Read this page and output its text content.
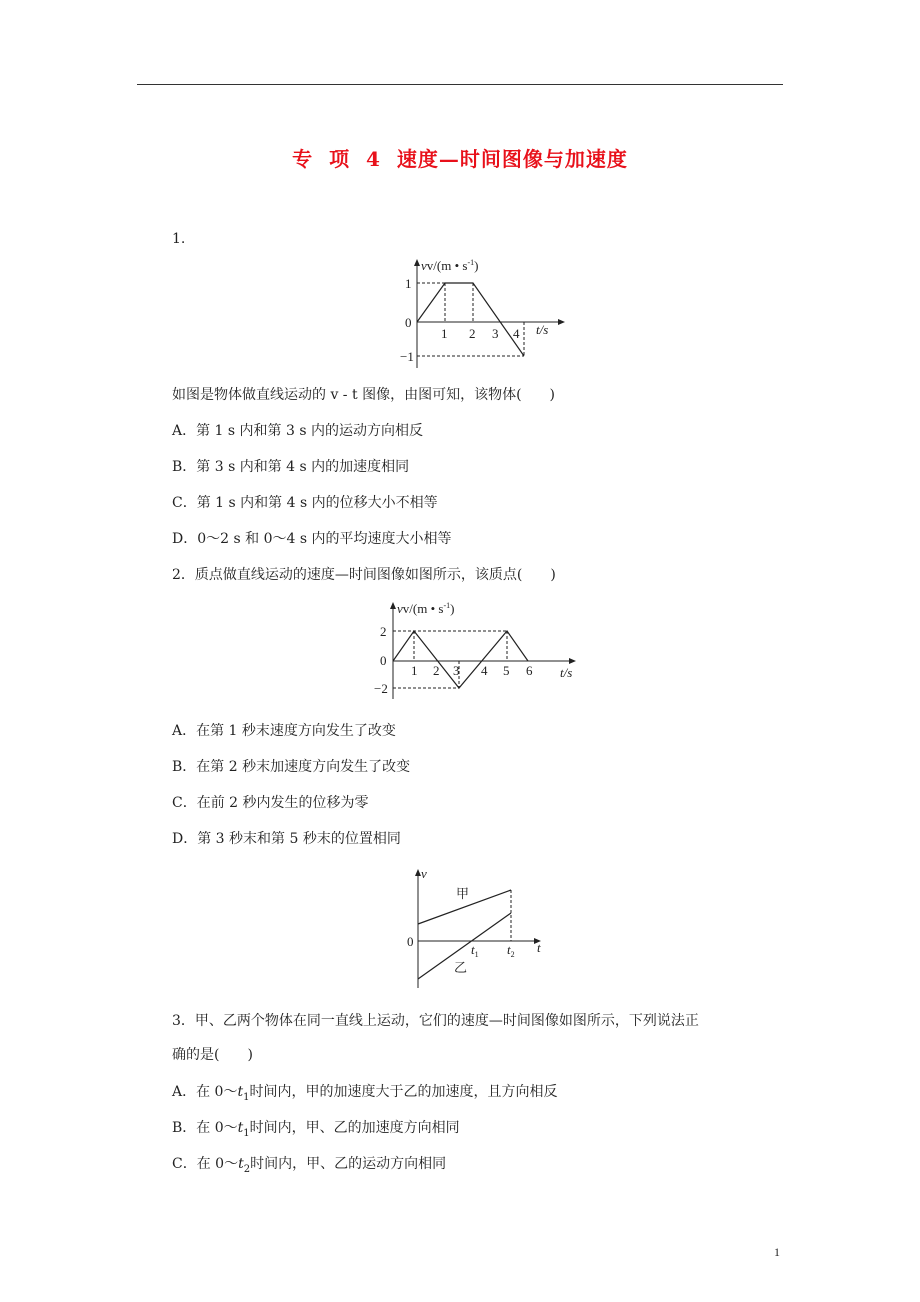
专  项  4  速度—时间图像与加速度
1.
vv/(m • $s^{-1}$)
1
0
−1
1 2 3 4 t/s
如图是物体做直线运动的 v - t 图像，由图可知，该物体(　　)
A．第 1 s 内和第 3 s 内的运动方向相反
B．第 3 s 内和第 4 s 内的加速度相同
C．第 1 s 内和第 4 s 内的位移大小不相等
D．0～2 s 和 0～4 s 内的平均速度大小相等
2．质点做直线运动的速度—时间图像如图所示，该质点(　　)
vv/(m • $s^{-1}$)
2
0
−2
1 2 3 4 5 6 t/s
A．在第 1 秒末速度方向发生了改变
B．在第 2 秒末加速度方向发生了改变
C．在前 2 秒内发生的位移为零
D．第 3 秒末和第 5 秒末的位置相同
v
0
甲
乙
$t_1$ $t_2$ t
3．甲、乙两个物体在同一直线上运动，它们的速度—时间图像如图所示，下列说法正
确的是(　　)
A．在 $0\sim t_1$时间内，甲的加速度大于乙的加速度，且方向相反
B．在 $0\sim t_1$时间内，甲、乙的加速度方向相同
C．在 $0\sim t_2$时间内，甲、乙的运动方向相同
1
